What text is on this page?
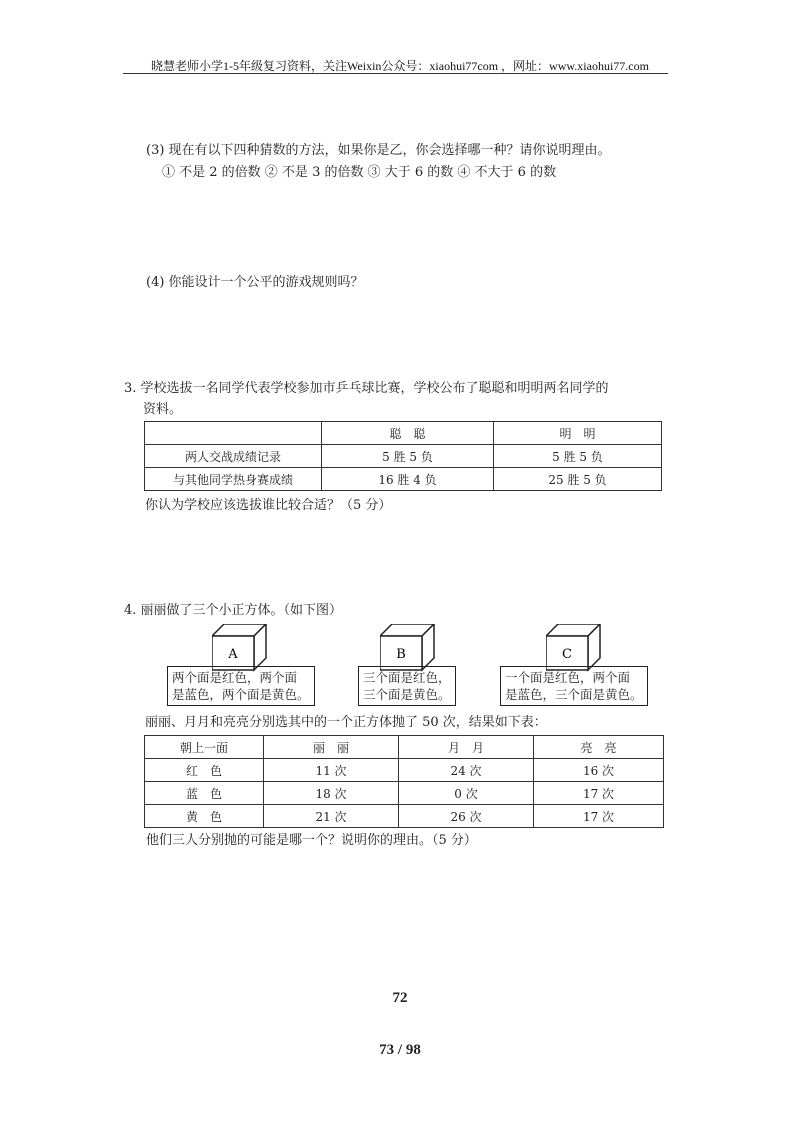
晓慧老师小学1-5年级复习资料，关注Weixin公众号：xiaohui77com ，网址：www.xiaohui77.com
(3) 现在有以下四种猜数的方法，如果你是乙，你会选择哪一种？请你说明理由。
① 不是 2 的倍数 ② 不是 3 的倍数 ③ 大于 6 的数 ④ 不大于 6 的数
(4) 你能设计一个公平的游戏规则吗？
3. 学校选拔一名同学代表学校参加市乒乓球比赛，学校公布了聪聪和明明两名同学的
资料。
	聪　聪	明　明
两人交战成绩记录	5 胜 5 负	5 胜 5 负
与其他同学热身赛成绩	16 胜 4 负	25 胜 5 负
你认为学校应该选拔谁比较合适？（5 分）
4. 丽丽做了三个小正方体。（如下图）
A
两个面是红色，两个面
是蓝色，两个面是黄色。
B
三个面是红色，
三个面是黄色。
C
一个面是红色，两个面
是蓝色，三个面是黄色。
丽丽、月月和亮亮分别选其中的一个正方体抛了 50 次，结果如下表：
朝上一面	丽　丽	月　月	亮　亮
红　色	11 次	24 次	16 次
蓝　色	18 次	0 次	17 次
黄　色	21 次	26 次	17 次
他们三人分别抛的可能是哪一个？说明你的理由。（5 分）
72
73 / 98
